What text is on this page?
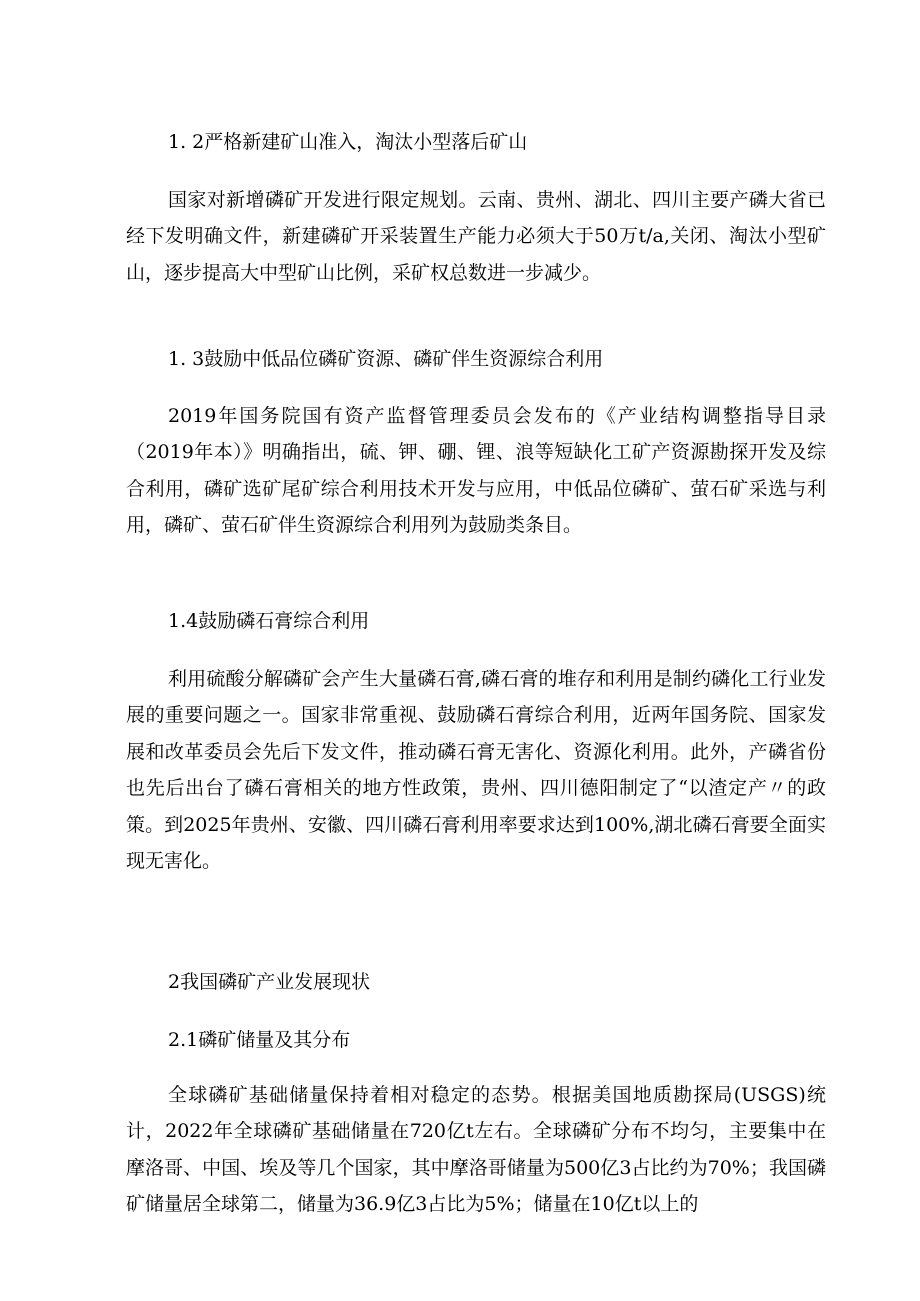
1. 2严格新建矿山准入，淘汰小型落后矿山
国家对新增磷矿开发进行限定规划。云南、贵州、湖北、四川主要产磷大省已经下发明确文件，新建磷矿开采装置生产能力必须大于50万t∕a,关闭、淘汰小型矿山，逐步提高大中型矿山比例，采矿权总数进一步减少。
1. 3鼓励中低品位磷矿资源、磷矿伴生资源综合利用
2019年国务院国有资产监督管理委员会发布的《产业结构调整指导目录（2019年本）》明确指出，硫、钾、硼、锂、浪等短缺化工矿产资源勘探开发及综合利用，磷矿选矿尾矿综合利用技术开发与应用，中低品位磷矿、萤石矿采选与利用，磷矿、萤石矿伴生资源综合利用列为鼓励类条目。
1.4鼓励磷石膏综合利用
利用硫酸分解磷矿会产生大量磷石膏,磷石膏的堆存和利用是制约磷化工行业发展的重要问题之一。国家非常重视、鼓励磷石膏综合利用，近两年国务院、国家发展和改革委员会先后下发文件，推动磷石膏无害化、资源化利用。此外，产磷省份也先后出台了磷石膏相关的地方性政策，贵州、四川德阳制定了“以渣定产〃的政策。到2025年贵州、安徽、四川磷石膏利用率要求达到100%,湖北磷石膏要全面实现无害化。
2我国磷矿产业发展现状
2.1磷矿储量及其分布
全球磷矿基础储量保持着相对稳定的态势。根据美国地质勘探局(USGS)统计，2022年全球磷矿基础储量在720亿t左右。全球磷矿分布不均匀，主要集中在摩洛哥、中国、埃及等几个国家，其中摩洛哥储量为500亿3占比约为70%；我国磷矿储量居全球第二，储量为36.9亿3占比为5%；储量在10亿t以上的
